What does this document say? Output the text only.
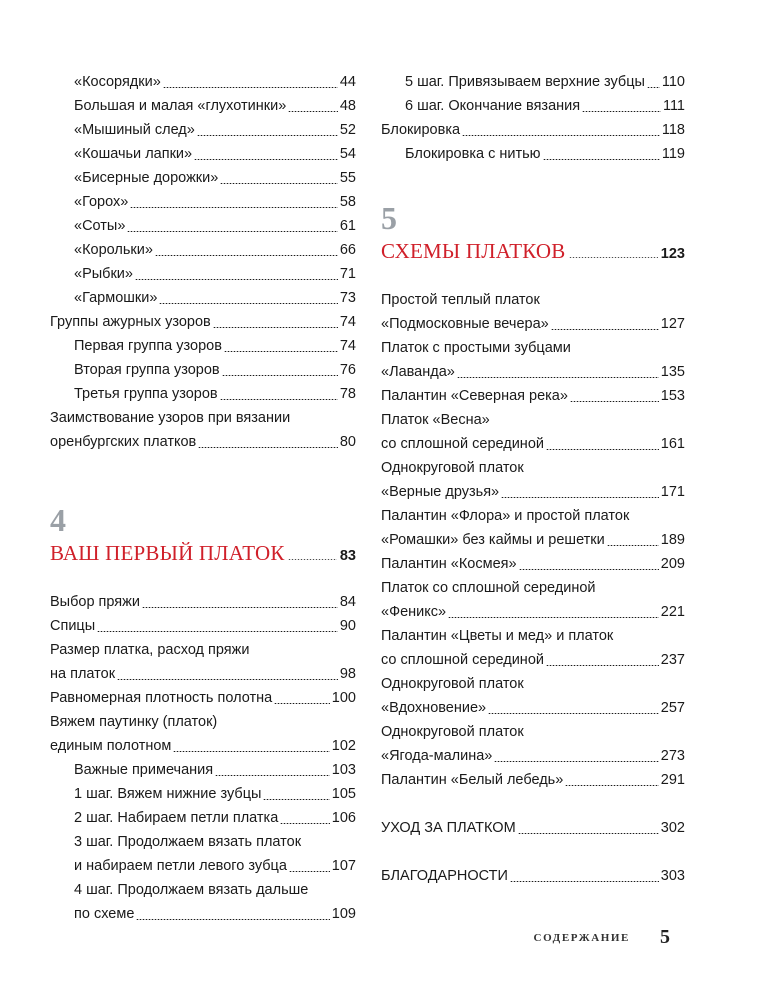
«Косорядки»	44
Большая и малая «глухотинки»	48
«Мышиный след»	52
«Кошачьи лапки»	54
«Бисерные дорожки»	55
«Горох»	58
«Соты»	61
«Корольки»	66
«Рыбки»	71
«Гармошки»	73
Группы ажурных узоров	74
Первая группа узоров	74
Вторая группа узоров	76
Третья группа узоров	78
Заимствование узоров при вязании
оренбургских платков	80
4
ВАШ ПЕРВЫЙ ПЛАТОК	83
Выбор пряжи	84
Спицы	90
Размер платка, расход пряжи
на платок	98
Равномерная плотность полотна	100
Вяжем паутинку (платок)
единым полотном	102
Важные примечания	103
1 шаг. Вяжем нижние зубцы	105
2 шаг. Набираем петли платка	106
3 шаг. Продолжаем вязать платок
и набираем петли левого зубца	107
4 шаг. Продолжаем вязать дальше
по схеме	109
5 шаг. Привязываем верхние зубцы 110
6 шаг. Окончание вязания	111
Блокировка	118
Блокировка с нитью	119
5
СХЕМЫ ПЛАТКОВ	123
Простой теплый платок
«Подмосковные вечера»	127
Платок с простыми зубцами
«Лаванда»	135
Палантин «Северная река»	153
Платок «Весна»
со сплошной серединой	161
Однокруговой платок
«Верные друзья»	171
Палантин «Флора» и простой платок
«Ромашки» без каймы и решетки	189
Палантин «Космея»	209
Платок со сплошной серединой
«Феникс»	221
Палантин «Цветы и мед» и платок
со сплошной серединой	237
Однокруговой платок
«Вдохновение»	257
Однокруговой платок
«Ягода-малина»	273
Палантин «Белый лебедь»	291
УХОД ЗА ПЛАТКОМ	302
БЛАГОДАРНОСТИ	303
СОДЕРЖАНИЕ 5
